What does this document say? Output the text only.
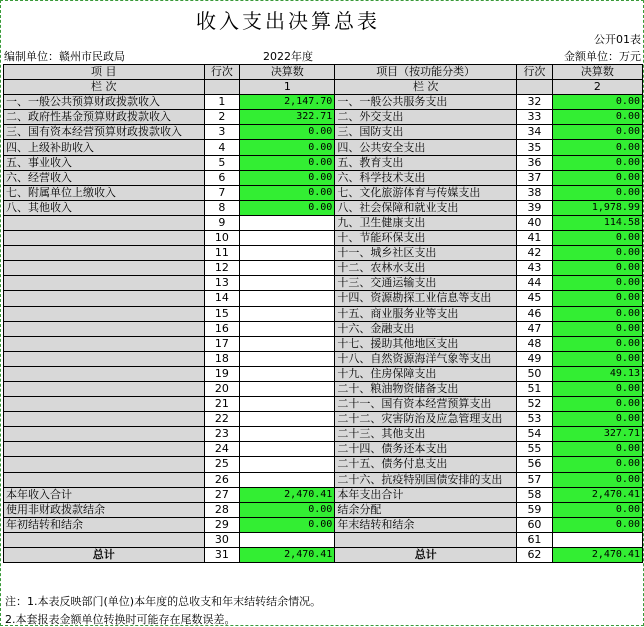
收入支出决算总表
公开01表
编制单位：赣州市民政局	2022年度	金额单位：万元
项 目	行次	决算数	项目（按功能分类）	行次	决算数
栏 次		1	栏 次		2
一、一般公共预算财政拨款收入	1	2,147.70	一、一般公共服务支出	32	0.00
二、政府性基金预算财政拨款收入	2	322.71	二、外交支出	33	0.00
三、国有资本经营预算财政拨款收入	3	0.00	三、国防支出	34	0.00
四、上级补助收入	4	0.00	四、公共安全支出	35	0.00
五、事业收入	5	0.00	五、教育支出	36	0.00
六、经营收入	6	0.00	六、科学技术支出	37	0.00
七、附属单位上缴收入	7	0.00	七、文化旅游体育与传媒支出	38	0.00
八、其他收入	8	0.00	八、社会保障和就业支出	39	1,978.99
	9		九、卫生健康支出	40	114.58
	10		十、节能环保支出	41	0.00
	11		十一、城乡社区支出	42	0.00
	12		十二、农林水支出	43	0.00
	13		十三、交通运输支出	44	0.00
	14		十四、资源勘探工业信息等支出	45	0.00
	15		十五、商业服务业等支出	46	0.00
	16		十六、金融支出	47	0.00
	17		十七、援助其他地区支出	48	0.00
	18		十八、自然资源海洋气象等支出	49	0.00
	19		十九、住房保障支出	50	49.13
	20		二十、粮油物资储备支出	51	0.00
	21		二十一、国有资本经营预算支出	52	0.00
	22		二十二、灾害防治及应急管理支出	53	0.00
	23		二十三、其他支出	54	327.71
	24		二十四、债务还本支出	55	0.00
	25		二十五、债务付息支出	56	0.00
	26		二十六、抗疫特别国债安排的支出	57	0.00
本年收入合计	27	2,470.41	本年支出合计	58	2,470.41
使用非财政拨款结余	28	0.00	结余分配	59	0.00
年初结转和结余	29	0.00	年末结转和结余	60	0.00
	30			61	
总计	31	2,470.41	总计	62	2,470.41
注：1.本表反映部门(单位)本年度的总收支和年末结转结余情况。
2.本套报表金额单位转换时可能存在尾数误差。
